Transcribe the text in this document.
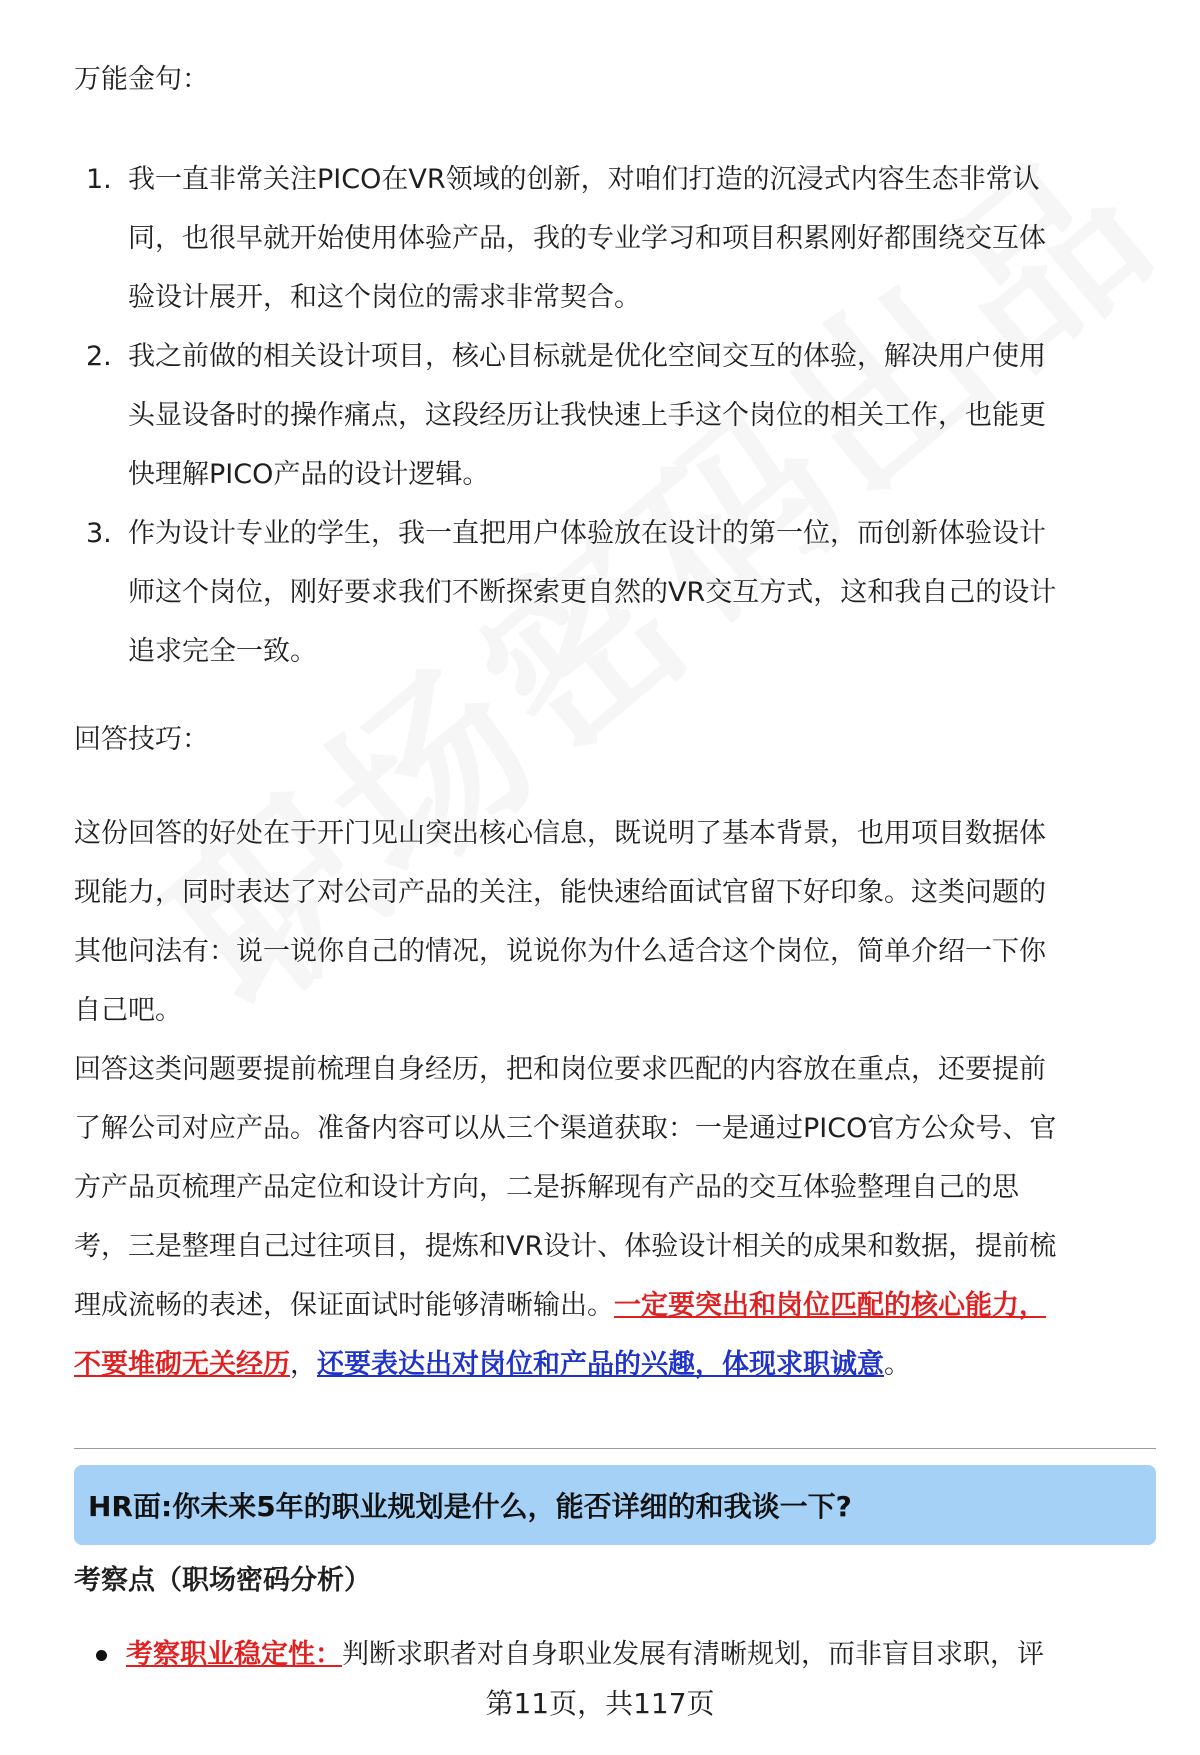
万能金句：
1. 我一直非常关注PICO在VR领域的创新，对咱们打造的沉浸式内容生态非常认
同，也很早就开始使用体验产品，我的专业学习和项目积累刚好都围绕交互体
验设计展开，和这个岗位的需求非常契合。
2. 我之前做的相关设计项目，核心目标就是优化空间交互的体验，解决用户使用
头显设备时的操作痛点，这段经历让我快速上手这个岗位的相关工作，也能更
快理解PICO产品的设计逻辑。
3. 作为设计专业的学生，我一直把用户体验放在设计的第一位，而创新体验设计
师这个岗位，刚好要求我们不断探索更自然的VR交互方式，这和我自己的设计
追求完全一致。
回答技巧：
这份回答的好处在于开门见山突出核心信息，既说明了基本背景，也用项目数据体
现能力，同时表达了对公司产品的关注，能快速给面试官留下好印象。这类问题的
其他问法有：说一说你自己的情况，说说你为什么适合这个岗位，简单介绍一下你
自己吧。
回答这类问题要提前梳理自身经历，把和岗位要求匹配的内容放在重点，还要提前
了解公司对应产品。准备内容可以从三个渠道获取：一是通过PICO官方公众号、官
方产品页梳理产品定位和设计方向，二是拆解现有产品的交互体验整理自己的思
考，三是整理自己过往项目，提炼和VR设计、体验设计相关的成果和数据，提前梳
理成流畅的表述，保证面试时能够清晰输出。一定要突出和岗位匹配的核心能力，
不要堆砌无关经历，还要表达出对岗位和产品的兴趣，体现求职诚意。
HR面:你未来5年的职业规划是什么，能否详细的和我谈一下?
考察点（职场密码分析）
考察职业稳定性：判断求职者对自身职业发展有清晰规划，而非盲目求职，评
第11页，共117页
